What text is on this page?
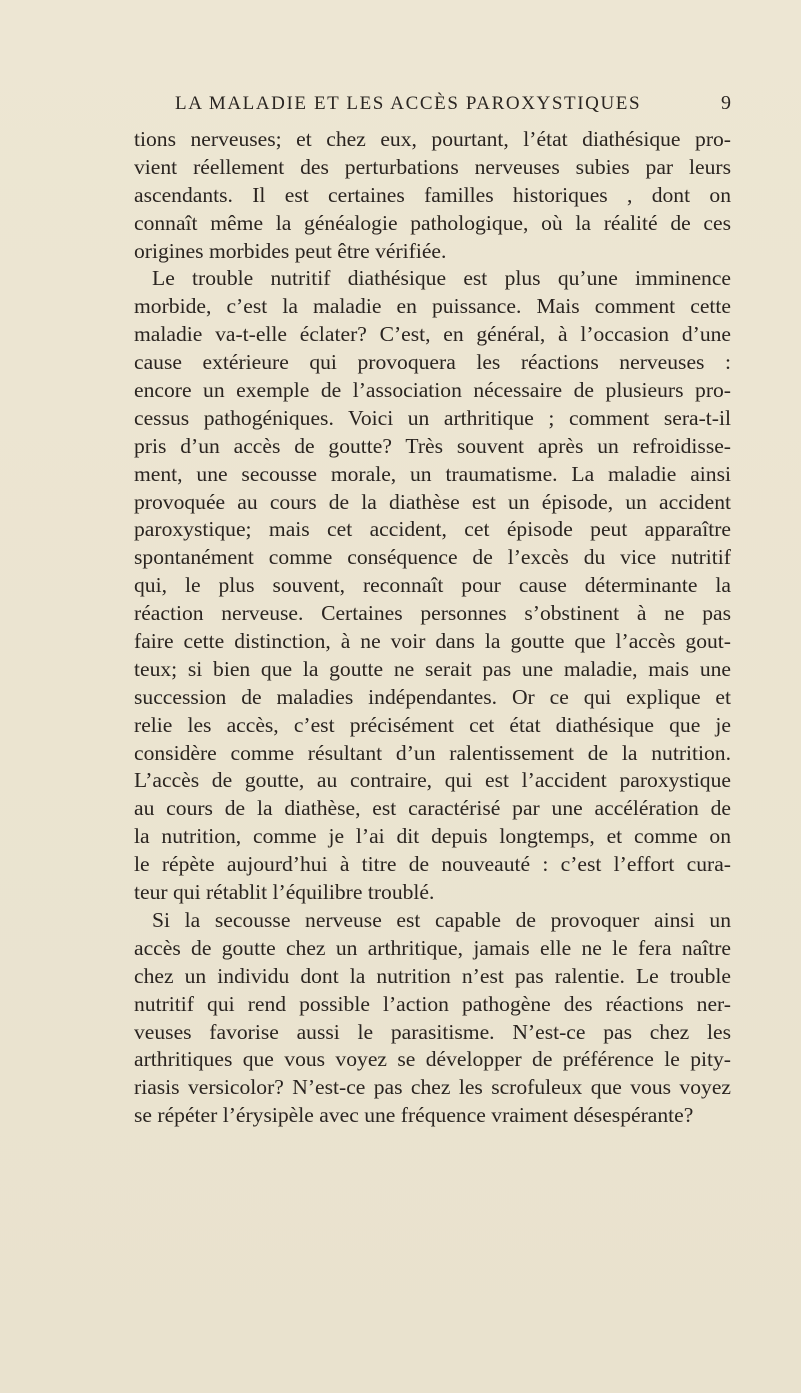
LA MALADIE ET LES ACCÈS PAROXYSTIQUES	9
tions nerveuses; et chez eux, pourtant, l’état diathésique pro-
vient réellement des perturbations nerveuses subies par leurs
ascendants. Il est certaines familles historiques , dont on
connaît même la généalogie pathologique, où la réalité de ces
origines morbides peut être vérifiée.
Le trouble nutritif diathésique est plus qu’une imminence
morbide, c’est la maladie en puissance. Mais comment cette
maladie va-t-elle éclater? C’est, en général, à l’occasion d’une
cause extérieure qui provoquera les réactions nerveuses :
encore un exemple de l’association nécessaire de plusieurs pro-
cessus pathogéniques. Voici un arthritique ; comment sera-t-il
pris d’un accès de goutte? Très souvent après un refroidisse-
ment, une secousse morale, un traumatisme. La maladie ainsi
provoquée au cours de la diathèse est un épisode, un accident
paroxystique; mais cet accident, cet épisode peut apparaître
spontanément comme conséquence de l’excès du vice nutritif
qui, le plus souvent, reconnaît pour cause déterminante la
réaction nerveuse. Certaines personnes s’obstinent à ne pas
faire cette distinction, à ne voir dans la goutte que l’accès gout-
teux; si bien que la goutte ne serait pas une maladie, mais une
succession de maladies indépendantes. Or ce qui explique et
relie les accès, c’est précisément cet état diathésique que je
considère comme résultant d’un ralentissement de la nutrition.
L’accès de goutte, au contraire, qui est l’accident paroxystique
au cours de la diathèse, est caractérisé par une accélération de
la nutrition, comme je l’ai dit depuis longtemps, et comme on
le répète aujourd’hui à titre de nouveauté : c’est l’effort cura-
teur qui rétablit l’équilibre troublé.
Si la secousse nerveuse est capable de provoquer ainsi un
accès de goutte chez un arthritique, jamais elle ne le fera naître
chez un individu dont la nutrition n’est pas ralentie. Le trouble
nutritif qui rend possible l’action pathogène des réactions ner-
veuses favorise aussi le parasitisme. N’est-ce pas chez les
arthritiques que vous voyez se développer de préférence le pity-
riasis versicolor? N’est-ce pas chez les scrofuleux que vous voyez
se répéter l’érysipèle avec une fréquence vraiment désespérante?
